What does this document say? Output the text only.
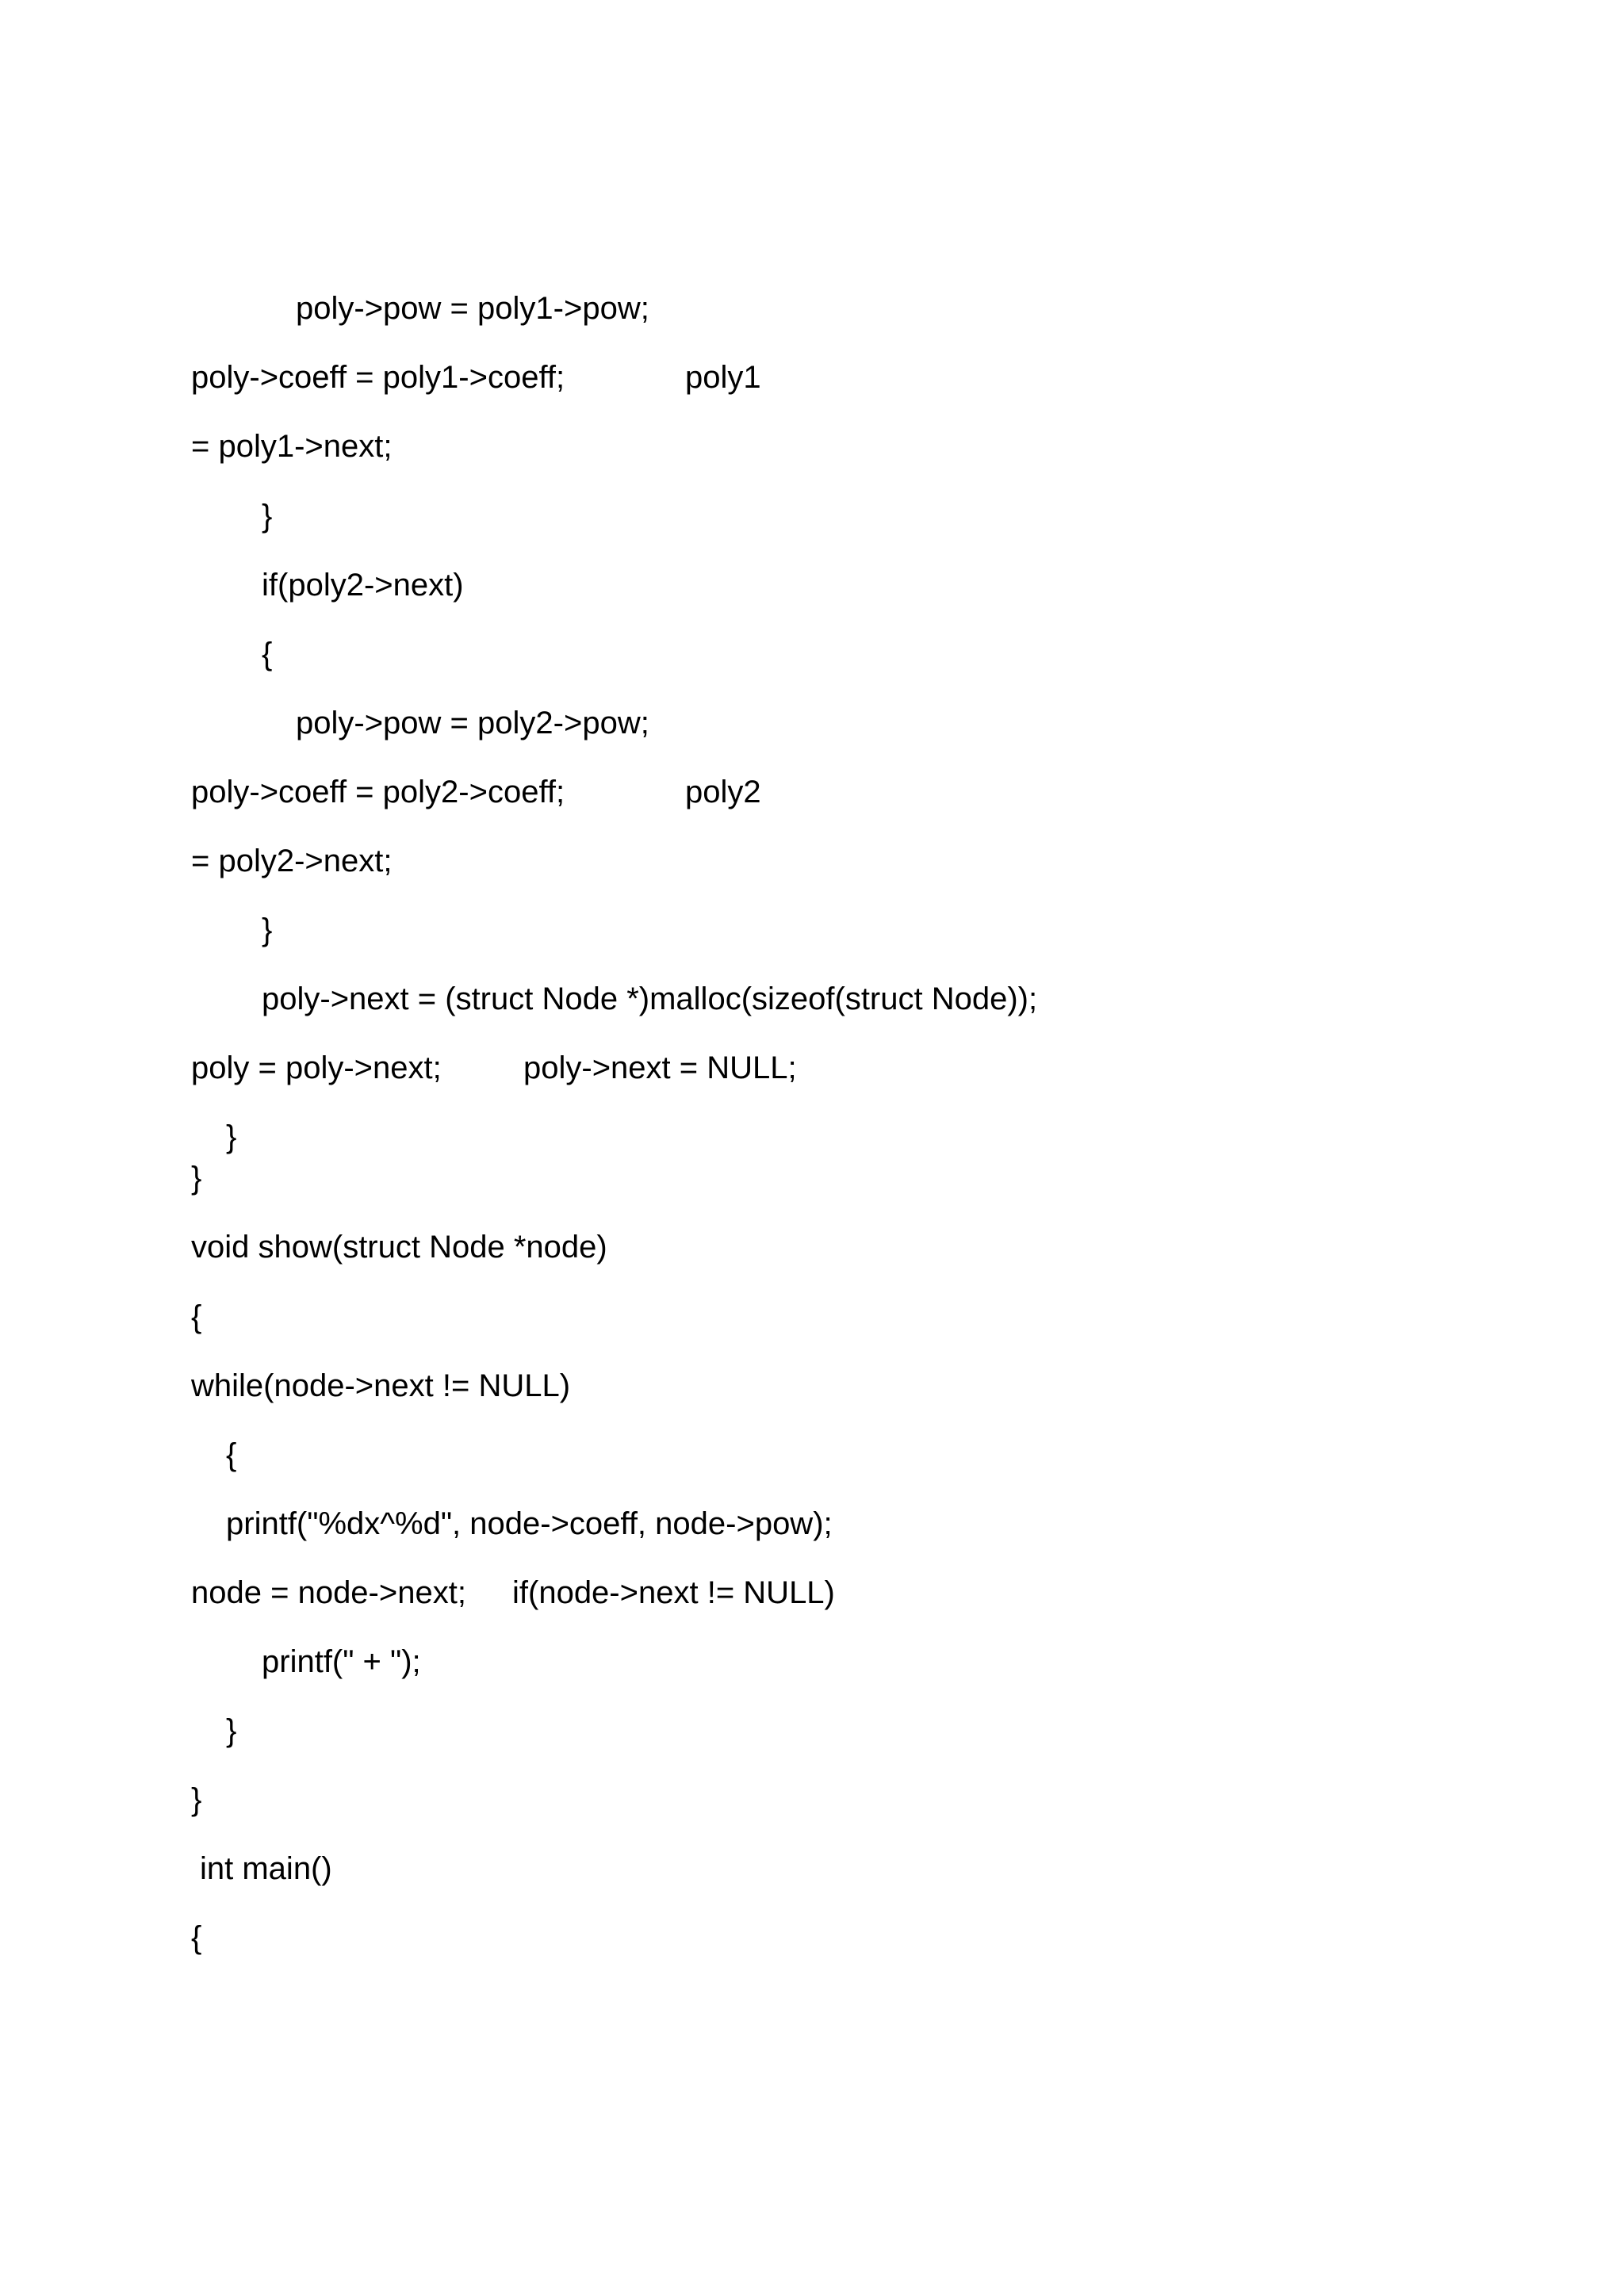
poly->pow = poly1->pow;
poly->coeff = poly1->coeff;	poly1
= poly1->next;
}
if(poly2->next)
{
poly->pow = poly2->pow;
poly->coeff = poly2->coeff;	poly2
= poly2->next;
}
poly->next = (struct Node *)malloc(sizeof(struct Node));
poly = poly->next;	poly->next = NULL;
}
}
void show(struct Node *node)
{
while(node->next != NULL)
{
printf("%dx^%d", node->coeff, node->pow);
node = node->next; if(node->next != NULL)
printf(" + ");
}
}
int main()
{
